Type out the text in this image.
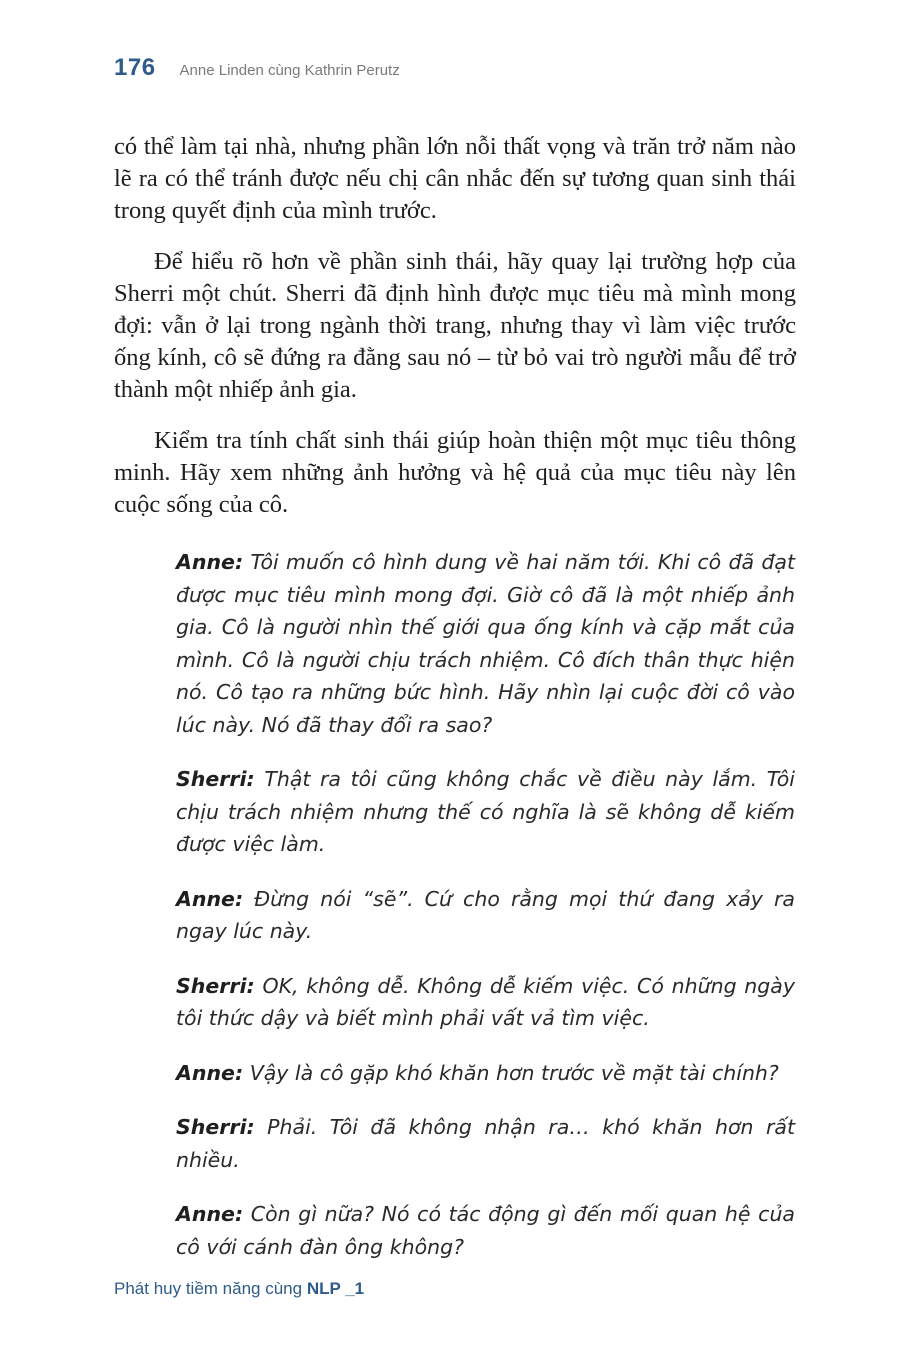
176 Anne Linden cùng Kathrin Perutz

có thể làm tại nhà, nhưng phần lớn nỗi thất vọng và trăn trở năm nào lẽ ra có thể tránh được nếu chị cân nhắc đến sự tương quan sinh thái trong quyết định của mình trước.

Để hiểu rõ hơn về phần sinh thái, hãy quay lại trường hợp của Sherri một chút. Sherri đã định hình được mục tiêu mà mình mong đợi: vẫn ở lại trong ngành thời trang, nhưng thay vì làm việc trước ống kính, cô sẽ đứng ra đằng sau nó – từ bỏ vai trò người mẫu để trở thành một nhiếp ảnh gia.

Kiểm tra tính chất sinh thái giúp hoàn thiện một mục tiêu thông minh. Hãy xem những ảnh hưởng và hệ quả của mục tiêu này lên cuộc sống của cô.

Anne: Tôi muốn cô hình dung về hai năm tới. Khi cô đã đạt được mục tiêu mình mong đợi. Giờ cô đã là một nhiếp ảnh gia. Cô là người nhìn thế giới qua ống kính và cặp mắt của mình. Cô là người chịu trách nhiệm. Cô đích thân thực hiện nó. Cô tạo ra những bức hình. Hãy nhìn lại cuộc đời cô vào lúc này. Nó đã thay đổi ra sao?

Sherri: Thật ra tôi cũng không chắc về điều này lắm. Tôi chịu trách nhiệm nhưng thế có nghĩa là sẽ không dễ kiếm được việc làm.

Anne: Đừng nói “sẽ”. Cứ cho rằng mọi thứ đang xảy ra ngay lúc này.

Sherri: OK, không dễ. Không dễ kiếm việc. Có những ngày tôi thức dậy và biết mình phải vất vả tìm việc.

Anne: Vậy là cô gặp khó khăn hơn trước về mặt tài chính?

Sherri: Phải. Tôi đã không nhận ra… khó khăn hơn rất nhiều.

Anne: Còn gì nữa? Nó có tác động gì đến mối quan hệ của cô với cánh đàn ông không?

Phát huy tiềm năng cùng NLP _1
